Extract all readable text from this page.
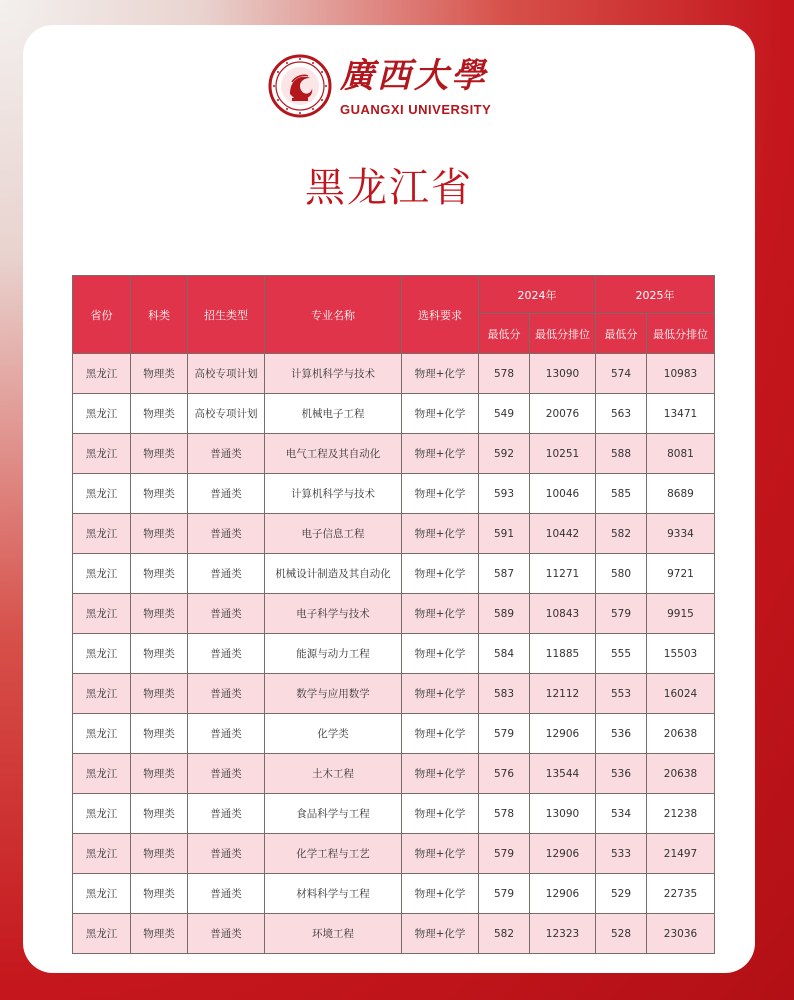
廣西大學
GUANGXI UNIVERSITY
黑龙江省
省份	科类	招生类型	专业名称	选科要求	2024年		2025年	
					最低分	最低分排位	最低分	最低分排位
黑龙江	物理类	高校专项计划	计算机科学与技术	物理+化学	578	13090	574	10983
黑龙江	物理类	高校专项计划	机械电子工程	物理+化学	549	20076	563	13471
黑龙江	物理类	普通类	电气工程及其自动化	物理+化学	592	10251	588	8081
黑龙江	物理类	普通类	计算机科学与技术	物理+化学	593	10046	585	8689
黑龙江	物理类	普通类	电子信息工程	物理+化学	591	10442	582	9334
黑龙江	物理类	普通类	机械设计制造及其自动化	物理+化学	587	11271	580	9721
黑龙江	物理类	普通类	电子科学与技术	物理+化学	589	10843	579	9915
黑龙江	物理类	普通类	能源与动力工程	物理+化学	584	11885	555	15503
黑龙江	物理类	普通类	数学与应用数学	物理+化学	583	12112	553	16024
黑龙江	物理类	普通类	化学类	物理+化学	579	12906	536	20638
黑龙江	物理类	普通类	土木工程	物理+化学	576	13544	536	20638
黑龙江	物理类	普通类	食品科学与工程	物理+化学	578	13090	534	21238
黑龙江	物理类	普通类	化学工程与工艺	物理+化学	579	12906	533	21497
黑龙江	物理类	普通类	材料科学与工程	物理+化学	579	12906	529	22735
黑龙江	物理类	普通类	环境工程	物理+化学	582	12323	528	23036
